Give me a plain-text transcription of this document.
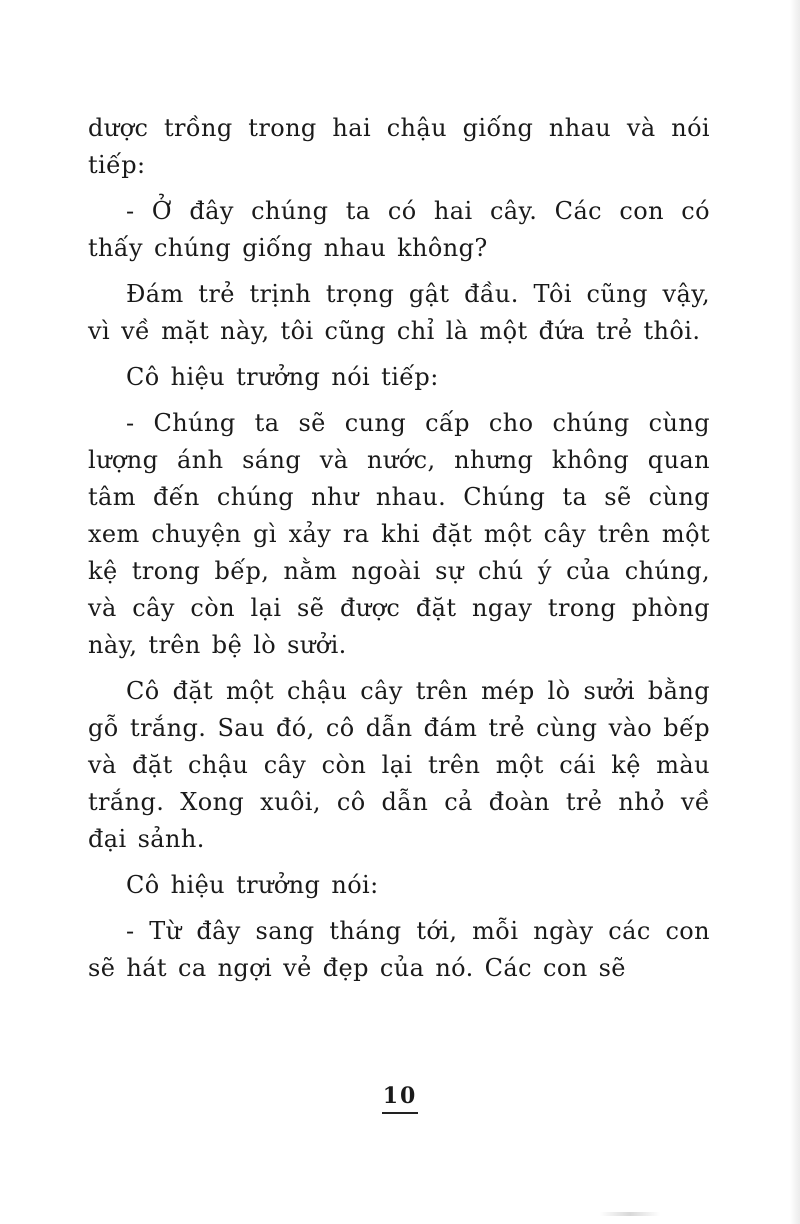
dược trồng trong hai chậu giống nhau và nói tiếp:

- Ở đây chúng ta có hai cây. Các con có thấy chúng giống nhau không?

Đám trẻ trịnh trọng gật đầu. Tôi cũng vậy, vì về mặt này, tôi cũng chỉ là một đứa trẻ thôi.

Cô hiệu trưởng nói tiếp:

- Chúng ta sẽ cung cấp cho chúng cùng lượng ánh sáng và nước, nhưng không quan tâm đến chúng như nhau. Chúng ta sẽ cùng xem chuyện gì xảy ra khi đặt một cây trên một kệ trong bếp, nằm ngoài sự chú ý của chúng, và cây còn lại sẽ được đặt ngay trong phòng này, trên bệ lò sưởi.

Cô đặt một chậu cây trên mép lò sưởi bằng gỗ trắng. Sau đó, cô dẫn đám trẻ cùng vào bếp và đặt chậu cây còn lại trên một cái kệ màu trắng. Xong xuôi, cô dẫn cả đoàn trẻ nhỏ về đại sảnh.

Cô hiệu trưởng nói:

- Từ đây sang tháng tới, mỗi ngày các con sẽ hát ca ngợi vẻ đẹp của nó. Các con sẽ

10
